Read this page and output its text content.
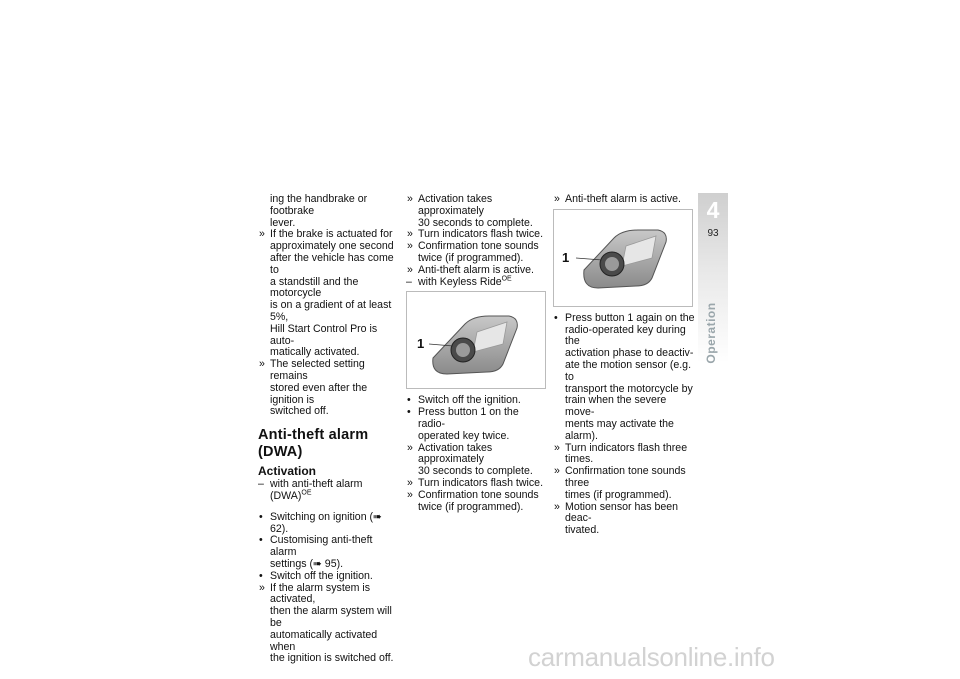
ing the handbrake or footbrake
lever.
» If the brake is actuated for
approximately one second
after the vehicle has come to
a standstill and the motorcycle
is on a gradient of at least 5%,
Hill Start Control Pro is auto-
matically activated.
» The selected setting remains
stored even after the ignition is
switched off.
Anti-theft alarm (DWA)
Activation
– with anti-theft alarm (DWA)$^{OE}$
• Switching on ignition (➠ 62).
• Customising anti-theft alarm
settings (➠ 95).
• Switch off the ignition.
» If the alarm system is activated,
then the alarm system will be
automatically activated when
the ignition is switched off.
» Activation takes approximately
30 seconds to complete.
» Turn indicators flash twice.
» Confirmation tone sounds
twice (if programmed).
» Anti-theft alarm is active.
– with Keyless Ride$^{OE}$
1
• Switch off the ignition.
• Press button 1 on the radio-
operated key twice.
» Activation takes approximately
30 seconds to complete.
» Turn indicators flash twice.
» Confirmation tone sounds
twice (if programmed).
» Anti-theft alarm is active.
1
• Press button 1 again on the
radio-operated key during the
activation phase to deactiv-
ate the motion sensor (e.g. to
transport the motorcycle by
train when the severe move-
ments may activate the alarm).
» Turn indicators flash three
times.
» Confirmation tone sounds three
times (if programmed).
» Motion sensor has been deac-
tivated.
4
93
Operation
carmanualsonline.info
